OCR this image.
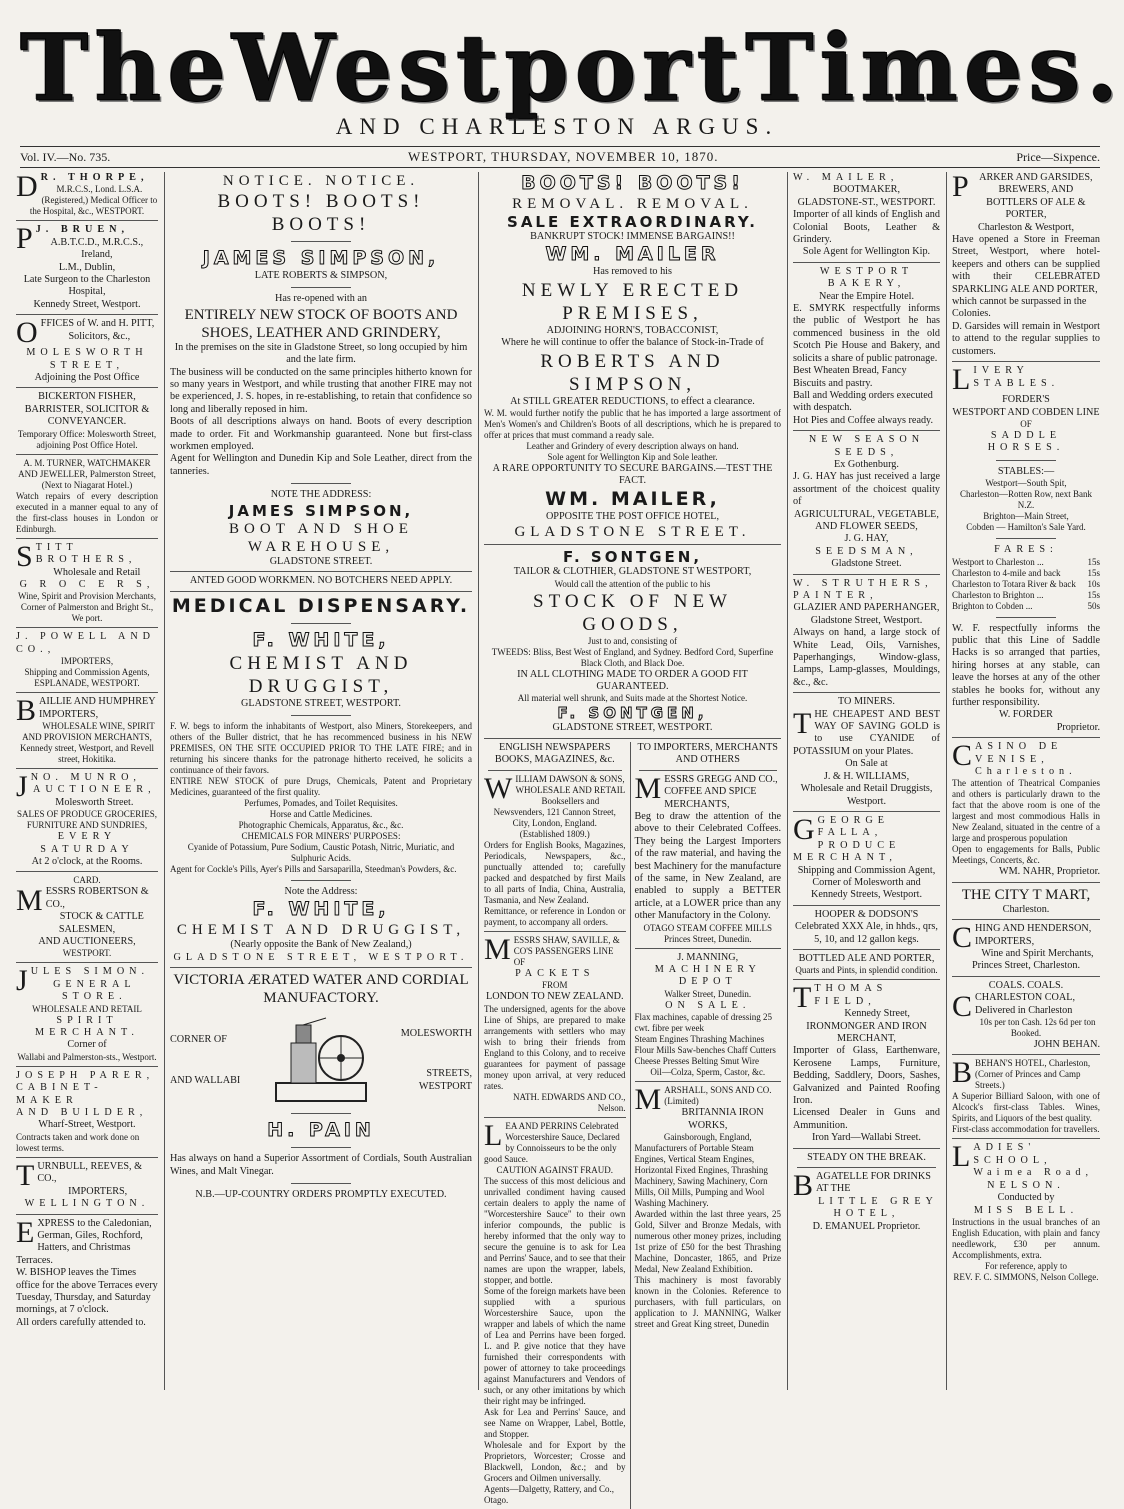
The Westport Times.
AND CHARLESTON ARGUS.
Vol. IV.—No. 735.	WESTPORT, THURSDAY, NOVEMBER 10, 1870.	Price—Sixpence.
D R. THORPE,

M.R.C.S., Lond. L.S.A. (Registered,) Medical Officer to the Hospital, &c., WESTPORT.

P J. BRUEN,

A.B.T.C.D., M.R.C.S., Ireland,

L.M., Dublin,

Late Surgeon to the Charleston Hospital,

Kennedy Street, Westport.

O FFICES of W. and H. PITT,

Solicitors, &c.,

MOLESWORTH STREET,

Adjoining the Post Office

BICKERTON FISHER, BARRISTER, SOLICITOR & CONVEYANCER.

Temporary Office: Molesworth Street, adjoining Post Office Hotel.

A. M. TURNER, WATCHMAKER AND JEWELLER, Palmerston Street, (Next to Niagarat Hotel.)

Watch repairs of every description executed in a manner equal to any of the first-class houses in London or Edinburgh.

S TITT BROTHERS,

Wholesale and Retail

G R O C E R S,

Wine, Spirit and Provision Merchants, Corner of Palmerston and Bright St., We port.

J. POWELL AND CO.,

IMPORTERS,

Shipping and Commission Agents, ESPLANADE, WESTPORT.

B AILLIE AND HUMPHREY IMPORTERS,

WHOLESALE WINE, SPIRIT AND PROVISION MERCHANTS, Kennedy street, Westport, and Revell street, Hokitika.

J NO. MUNRO,

AUCTIONEER,

Molesworth Street.

SALES OF PRODUCE GROCERIES, FURNITURE AND SUNDRIES,

EVERY SATURDAY

At 2 o'clock, at the Rooms.

CARD.

M ESSRS ROBERTSON & CO.,

STOCK & CATTLE SALESMEN,

AND AUCTIONEERS,

WESTPORT.

J ULES SIMON.

GENERAL STORE.

WHOLESALE AND RETAIL

SPIRIT MERCHANT.

Corner of

Wallabi and Palmerston-sts., Westport.

JOSEPH PARER, CABINET-MAKER

AND BUILDER,

Wharf-Street, Westport.

Contracts taken and work done on lowest terms.

T URNBULL, REEVES, & CO.,

IMPORTERS,

WELLINGTON.

E XPRESS to the Caledonian, German, Giles, Rochford, Hatters, and Christmas Terraces.

W. BISHOP leaves the Times office for the above Terraces every Tuesday, Thursday, and Saturday mornings, at 7 o'clock.

All orders carefully attended to.

NOTICE. NOTICE.

BOOTS! BOOTS! BOOTS!

JAMES SIMPSON,

LATE ROBERTS & SIMPSON,

Has re-opened with an

ENTIRELY NEW STOCK OF BOOTS AND SHOES, LEATHER AND GRINDERY,

In the premises on the site in Gladstone Street, so long occupied by him and the late firm.

The business will be conducted on the same principles hitherto known for so many years in Westport, and while trusting that another FIRE may not be experienced, J. S. hopes, in re-establishing, to retain that confidence so long and liberally reposed in him.

Boots of all descriptions always on hand. Boots of every description made to order. Fit and Workmanship guaranteed. None but first-class workmen employed.

Agent for Wellington and Dunedin Kip and Sole Leather, direct from the tanneries.

NOTE THE ADDRESS:

JAMES SIMPSON,

BOOT AND SHOE WAREHOUSE,

GLADSTONE STREET.

ANTED GOOD WORKMEN. NO BOTCHERS NEED APPLY.

MEDICAL DISPENSARY.

F. WHITE,

CHEMIST AND DRUGGIST,

GLADSTONE STREET, WESTPORT.

F. W. begs to inform the inhabitants of Westport, also Miners, Storekeepers, and others of the Buller district, that he has recommenced business in his NEW PREMISES, ON THE SITE OCCUPIED PRIOR TO THE LATE FIRE; and in returning his sincere thanks for the patronage hitherto received, he solicits a continuance of their favors.

ENTIRE NEW STOCK of pure Drugs, Chemicals, Patent and Proprietary Medicines, guaranteed of the first quality.

Perfumes, Pomades, and Toilet Requisites.

Horse and Cattle Medicines.

Photographic Chemicals, Apparatus, &c., &c.

CHEMICALS FOR MINERS' PURPOSES:

Cyanide of Potassium, Pure Sodium, Caustic Potash, Nitric, Muriatic, and Sulphuric Acids.

Agent for Cockle's Pills, Ayer's Pills and Sarsaparilla, Steedman's Powders, &c.

Note the Address:

F. WHITE,

CHEMIST AND DRUGGIST,

(Nearly opposite the Bank of New Zealand,)

GLADSTONE STREET, WESTPORT.

VICTORIA ÆRATED WATER AND CORDIAL

MANUFACTORY.

CORNER OF

AND WALLABI

MOLESWORTH

STREETS, WESTPORT

H. PAIN

Has always on hand a Superior Assortment of Cordials, South Australian Wines, and Malt Vinegar.

N.B.—UP-COUNTRY ORDERS PROMPTLY EXECUTED.

BOOTS! BOOTS!

REMOVAL. REMOVAL.

SALE EXTRAORDINARY.

BANKRUPT STOCK! IMMENSE BARGAINS!!

WM. MAILER

Has removed to his

NEWLY ERECTED PREMISES,

ADJOINING HORN'S, TOBACCONIST,

Where he will continue to offer the balance of Stock-in-Trade of

ROBERTS AND SIMPSON,

At STILL GREATER REDUCTIONS, to effect a clearance.

W. M. would further notify the public that he has imported a large assortment of Men's Women's and Children's Boots of all descriptions, which he is prepared to offer at prices that must command a ready sale.

Leather and Grindery of every description always on hand.

Sole agent for Wellington Kip and Sole leather.

A RARE OPPORTUNITY TO SECURE BARGAINS.—TEST THE FACT.

WM. MAILER,

OPPOSITE THE POST OFFICE HOTEL,

GLADSTONE STREET.

F. SONTGEN,

TAILOR & CLOTHIER, GLADSTONE ST WESTPORT,

Would call the attention of the public to his

STOCK OF NEW GOODS,

Just to and, consisting of

TWEEDS: Bliss, Best West of England, and Sydney. Bedford Cord, Superfine Black Cloth, and Black Doe.

IN ALL CLOTHING MADE TO ORDER A GOOD FIT GUARANTEED.

All material well shrunk, and Suits made at the Shortest Notice.

F. SONTGEN,

GLADSTONE STREET, WESTPORT.

ENGLISH NEWSPAPERS BOOKS, MAGAZINES, &c.

W ILLIAM DAWSON & SONS,

WHOLESALE AND RETAIL

Booksellers and Newsvenders, 121 Cannon Street, City, London, England.

(Established 1809.)

Orders for English Books, Magazines, Periodicals, Newspapers, &c., punctually attended to; carefully packed and despatched by first Mails to all parts of India, China, Australia, Tasmania, and New Zealand.

Remittance, or reference in London or payment, to accompany all orders.

M ESSRS SHAW, SAVILLE, & CO'S PASSENGERS LINE OF

PACKETS

FROM

LONDON TO NEW ZEALAND.

The undersigned, agents for the above Line of Ships, are prepared to make arrangements with settlers who may wish to bring their friends from England to this Colony, and to receive guarantees for payment of passage money upon arrival, at very reduced rates.

NATH. EDWARDS AND CO., Nelson.

L EA AND PERRINS Celebrated Worcestershire Sauce, Declared by Connoisseurs to be the only good Sauce.

CAUTION AGAINST FRAUD.

The success of this most delicious and unrivalled condiment having caused certain dealers to apply the name of "Worcestershire Sauce" to their own inferior compounds, the public is hereby informed that the only way to secure the genuine is to ask for Lea and Perrins' Sauce, and to see that their names are upon the wrapper, labels, stopper, and bottle.

Some of the foreign markets have been supplied with a spurious Worcestershire Sauce, upon the wrapper and labels of which the name of Lea and Perrins have been forged. L. and P. give notice that they have furnished their correspondents with power of attorney to take proceedings against Manufacturers and Vendors of such, or any other imitations by which their right may be infringed.

Ask for Lea and Perrins' Sauce, and see Name on Wrapper, Label, Bottle, and Stopper.

Wholesale and for Export by the Proprietors, Worcester; Crosse and Blackwell, London, &c.; and by Grocers and Oilmen universally.

Agents—Dalgetty, Rattery, and Co., Otago.

TO IMPORTERS, MERCHANTS

AND OTHERS

M ESSRS GREGG AND CO., COFFEE AND SPICE MERCHANTS,

Beg to draw the attention of the above to their Celebrated Coffees. They being the Largest Importers of the raw material, and having the best Machinery for the manufacture of the same, in New Zealand, are enabled to supply a BETTER article, at a LOWER price than any other Manufactory in the Colony.

OTAGO STEAM COFFEE MILLS Princes Street, Dunedin.

J. MANNING,

MACHINERY DEPOT

Walker Street, Dunedin.

ON SALE.

Flax machines, capable of dressing 25 cwt. fibre per week

Steam Engines Thrashing Machines Flour Mills Saw-benches Chaff Cutters Cheese Presses Belting Smut Wire

Oil—Colza, Sperm, Castor, &c.

M ARSHALL, SONS AND CO. (Limited)

BRITANNIA IRON WORKS,

Gainsborough, England,

Manufacturers of Portable Steam Engines, Vertical Steam Engines, Horizontal Fixed Engines, Thrashing Machinery, Sawing Machinery, Corn Mills, Oil Mills, Pumping and Wool Washing Machinery.

Awarded within the last three years, 25 Gold, Silver and Bronze Medals, with numerous other money prizes, including 1st prize of £50 for the best Thrashing Machine, Doncaster, 1865, and Prize Medal, New Zealand Exhibition.

This machinery is most favorably known in the Colonies. Reference to purchasers, with full particulars, on application to J. MANNING, Walker street and Great King street, Dunedin

W. MAILER,

BOOTMAKER,

GLADSTONE-ST., WESTPORT.

Importer of all kinds of English and Colonial Boots, Leather & Grindery.

Sole Agent for Wellington Kip.

WESTPORT BAKERY,

Near the Empire Hotel.

E. SMYRK respectfully informs the public of Westport he has commenced business in the old Scotch Pie House and Bakery, and solicits a share of public patronage.

Best Wheaten Bread, Fancy Biscuits and pastry.

Ball and Wedding orders executed with despatch.

Hot Pies and Coffee always ready.

NEW SEASON SEEDS,

Ex Gothenburg.

J. G. HAY has just received a large assortment of the choicest quality of

AGRICULTURAL, VEGETABLE, AND FLOWER SEEDS,

J. G. HAY,

SEEDSMAN,

Gladstone Street.

W. STRUTHERS, PAINTER,

GLAZIER AND PAPERHANGER,

Gladstone Street, Westport.

Always on hand, a large stock of White Lead, Oils, Varnishes, Paperhangings, Window-glass, Lamps, Lamp-glasses, Mouldings, &c., &c.

TO MINERS.

T HE CHEAPEST AND BEST WAY OF SAVING GOLD is to use CYANIDE of POTASSIUM on your Plates.

On Sale at

J. & H. WILLIAMS,

Wholesale and Retail Druggists, Westport.

G GEORGE FALLA, PRODUCE MERCHANT,

Shipping and Commission Agent, Corner of Molesworth and Kennedy Streets, Westport.

HOOPER & DODSON'S

Celebrated XXX Ale, in hhds., qrs, 5, 10, and 12 gallon kegs.

BOTTLED ALE AND PORTER,

Quarts and Pints, in splendid condition.

T THOMAS FIELD,

Kennedy Street,

IRONMONGER AND IRON MERCHANT,

Importer of Glass, Earthenware, Kerosene Lamps, Furniture, Bedding, Saddlery, Doors, Sashes, Galvanized and Painted Roofing Iron.

Licensed Dealer in Guns and Ammunition.

Iron Yard—Wallabi Street.

STEADY ON THE BREAK.

B AGATELLE FOR DRINKS AT THE

LITTLE GREY HOTEL,

D. EMANUEL Proprietor.

P	ARKER AND GARSIDES, BREWERS, AND BOTTLERS OF ALE & PORTER,

Charleston & Westport,

Have opened a Store in Freeman Street, Westport, where hotel-keepers and others can be supplied with their CELEBRATED SPARKLING ALE AND PORTER,

which cannot be surpassed in the Colonies.

D. Garsides will remain in Westport to attend to the regular supplies to customers.

L IVERY STABLES.

FORDER'S

WESTPORT AND COBDEN LINE

OF

SADDLE HORSES.

STABLES:—

Westport—South Spit,

Charleston—Rotten Row, next Bank N.Z.

Brighton—Main Street,

Cobden — Hamilton's Sale Yard.

FARES:

Westport to Charleston ...	15s
Charleston to 4-mile and back	15s
Charleston to Totara River & back 10s
Charleston to Brighton ...	15s
Brighton to Cobden ...	50s

W. F. respectfully informs the public that this Line of Saddle Hacks is so arranged that parties, hiring horses at any stable, can leave the horses at any of the other stables he books for, without any further responsibility.

W. FORDER

Proprietor.

C ASINO DE VENISE, Charleston.

The attention of Theatrical Companies and others is particularly drawn to the fact that the above room is one of the largest and most commodious Halls in New Zealand, situated in the centre of a large and prosperous population

Open to engagements for Balls, Public Meetings, Concerts, &c.

WM. NAHR, Proprietor.

THE CITY T MART,

Charleston.

C HING AND HENDERSON, IMPORTERS,

Wine and Spirit Merchants, Princes Street, Charleston.

COALS. COALS.

C CHARLESTON COAL, Delivered in Charleston

10s per ton Cash. 12s 6d per ton Booked.

JOHN BEHAN.

B BEHAN'S HOTEL, Charleston, (Corner of Princes and Camp Streets.)

A Superior Billiard Saloon, with one of Alcock's first-class Tables. Wines, Spirits, and Liquors of the best quality.

First-class accommodation for travellers.

L ADIES' SCHOOL, Waimea Road,

NELSON.

Conducted by

MISS BELL.

Instructions in the usual branches of an English Education, with plain and fancy needlework, £30 per annum. Accomplishments, extra.

For reference, apply to

REV. F. C. SIMMONS, Nelson College.
